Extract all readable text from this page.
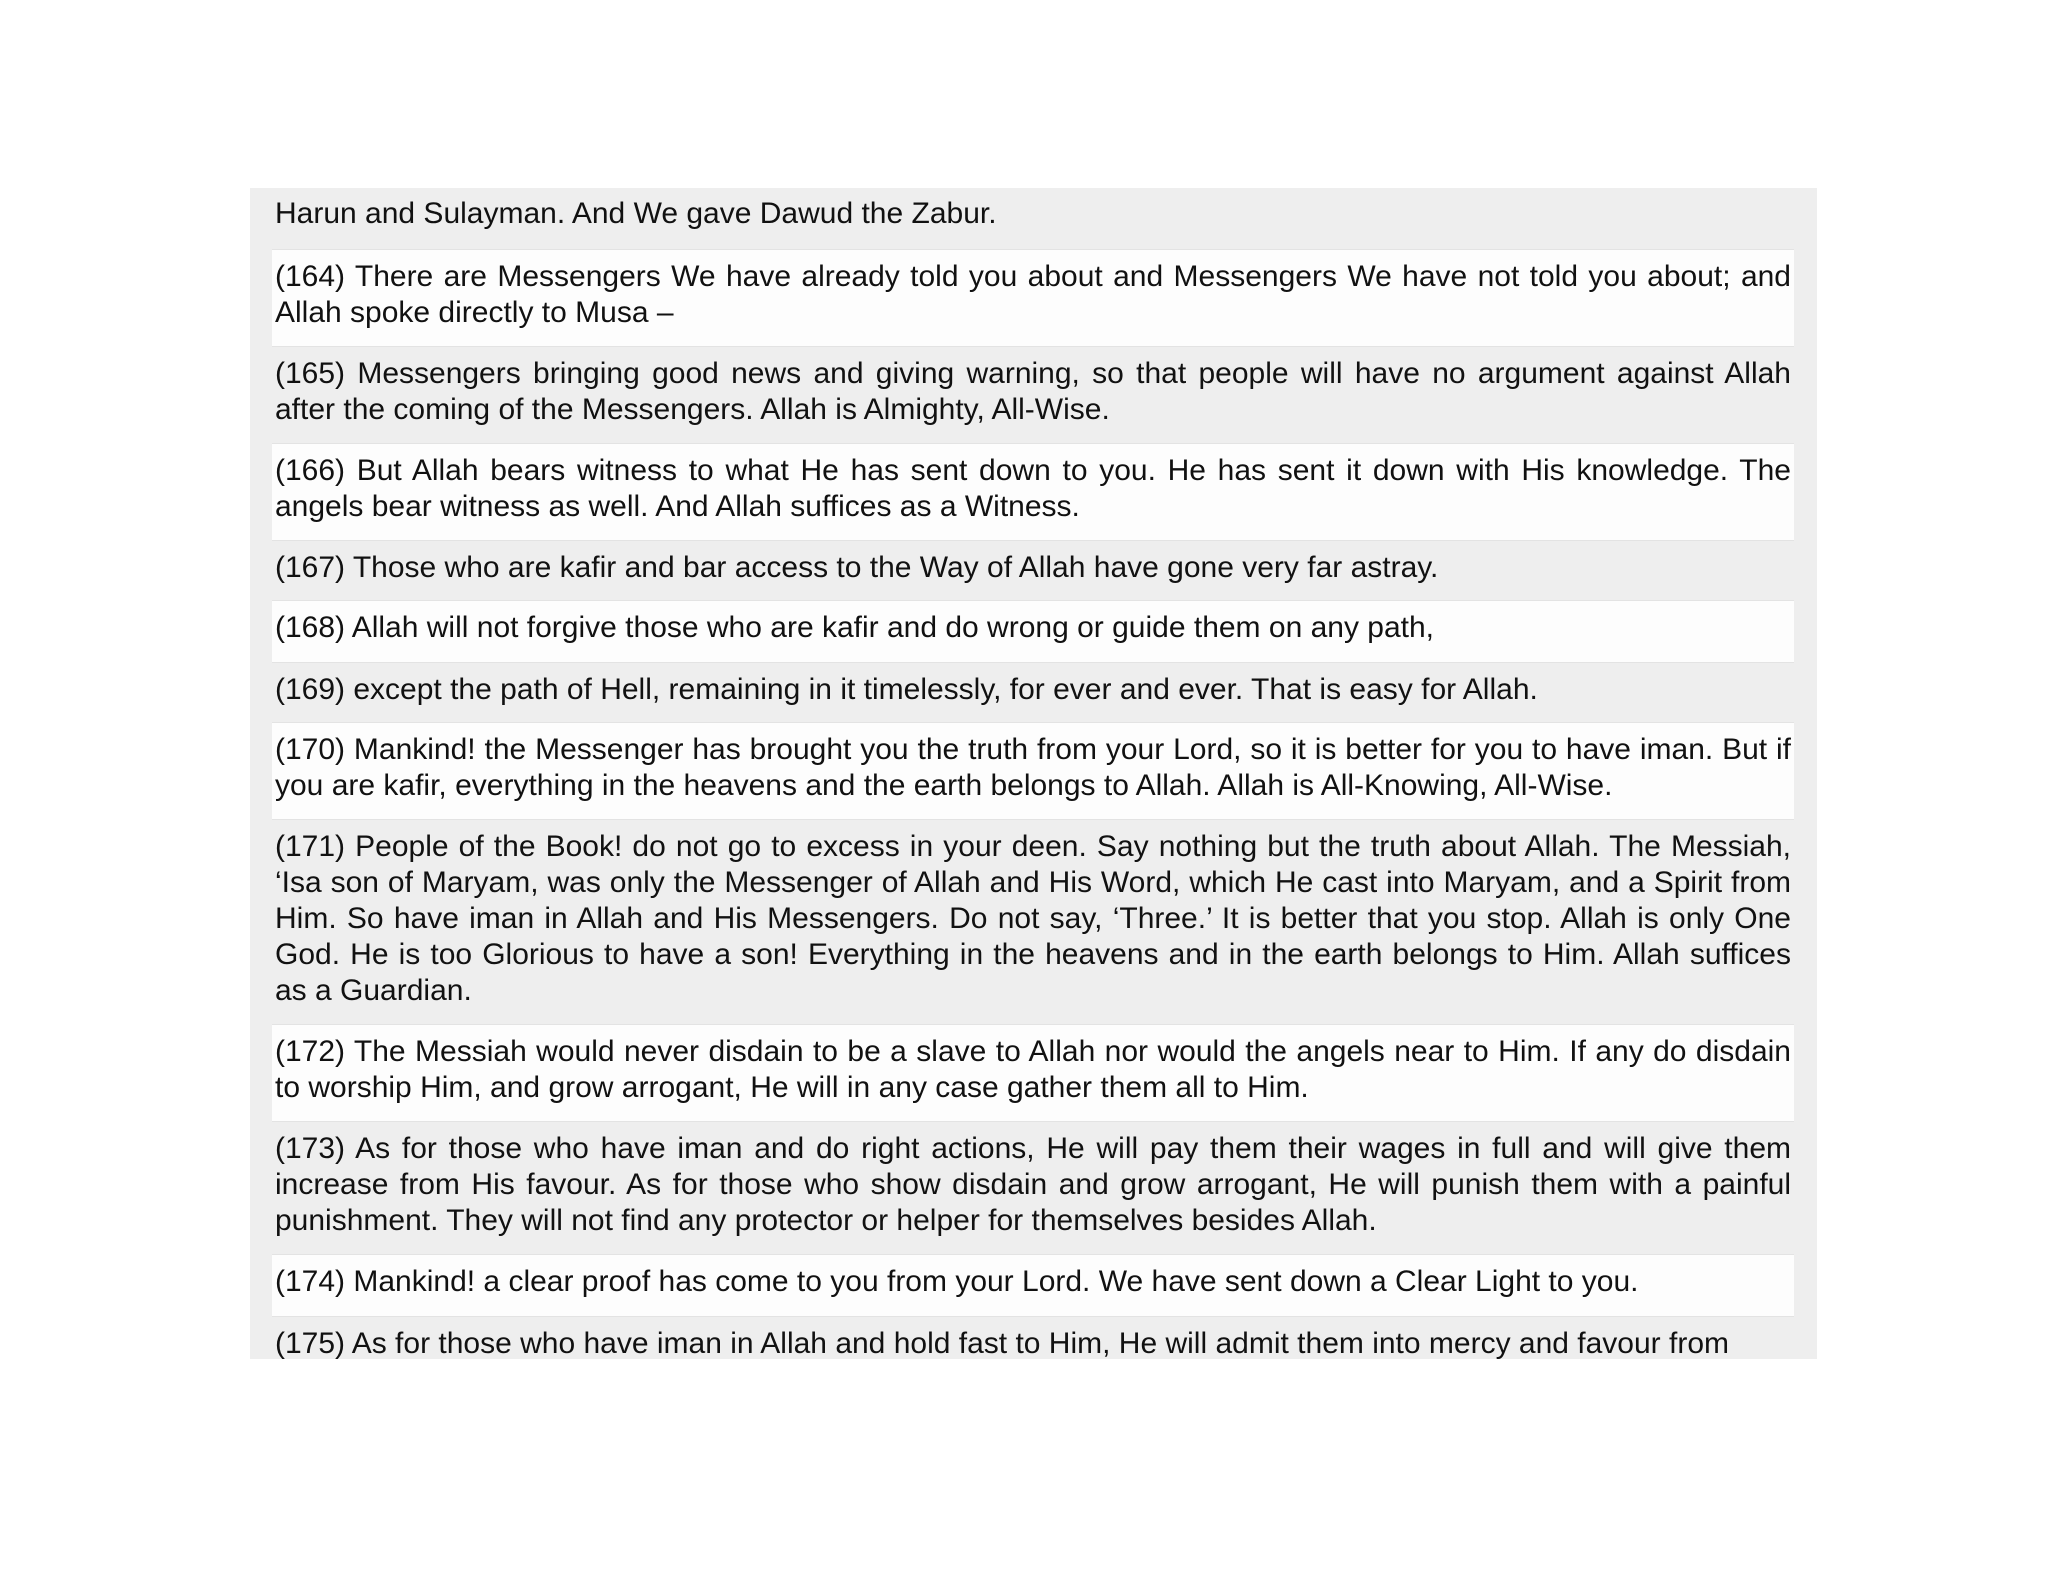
Harun and Sulayman. And We gave Dawud the Zabur.

(164) There are Messengers We have already told you about and Messengers We have not told you about; and Allah spoke directly to Musa –

(165) Messengers bringing good news and giving warning, so that people will have no argument against Allah after the coming of the Messengers. Allah is Almighty, All-Wise.

(166) But Allah bears witness to what He has sent down to you. He has sent it down with His knowledge. The angels bear witness as well. And Allah suffices as a Witness.

(167) Those who are kafir and bar access to the Way of Allah have gone very far astray.

(168) Allah will not forgive those who are kafir and do wrong or guide them on any path,

(169) except the path of Hell, remaining in it timelessly, for ever and ever. That is easy for Allah.

(170) Mankind! the Messenger has brought you the truth from your Lord, so it is better for you to have iman. But if you are kafir, everything in the heavens and the earth belongs to Allah. Allah is All-Knowing, All-Wise.

(171) People of the Book! do not go to excess in your deen. Say nothing but the truth about Allah. The Messiah, ‘Isa son of Maryam, was only the Messenger of Allah and His Word, which He cast into Maryam, and a Spirit from Him. So have iman in Allah and His Messengers. Do not say, ‘Three.’ It is better that you stop. Allah is only One God. He is too Glorious to have a son! Everything in the heavens and in the earth belongs to Him. Allah suffices as a Guardian.

(172) The Messiah would never disdain to be a slave to Allah nor would the angels near to Him. If any do disdain to worship Him, and grow arrogant, He will in any case gather them all to Him.

(173) As for those who have iman and do right actions, He will pay them their wages in full and will give them increase from His favour. As for those who show disdain and grow arrogant, He will punish them with a painful punishment. They will not find any protector or helper for themselves besides Allah.

(174) Mankind! a clear proof has come to you from your Lord. We have sent down a Clear Light to you.

(175) As for those who have iman in Allah and hold fast to Him, He will admit them into mercy and favour from
